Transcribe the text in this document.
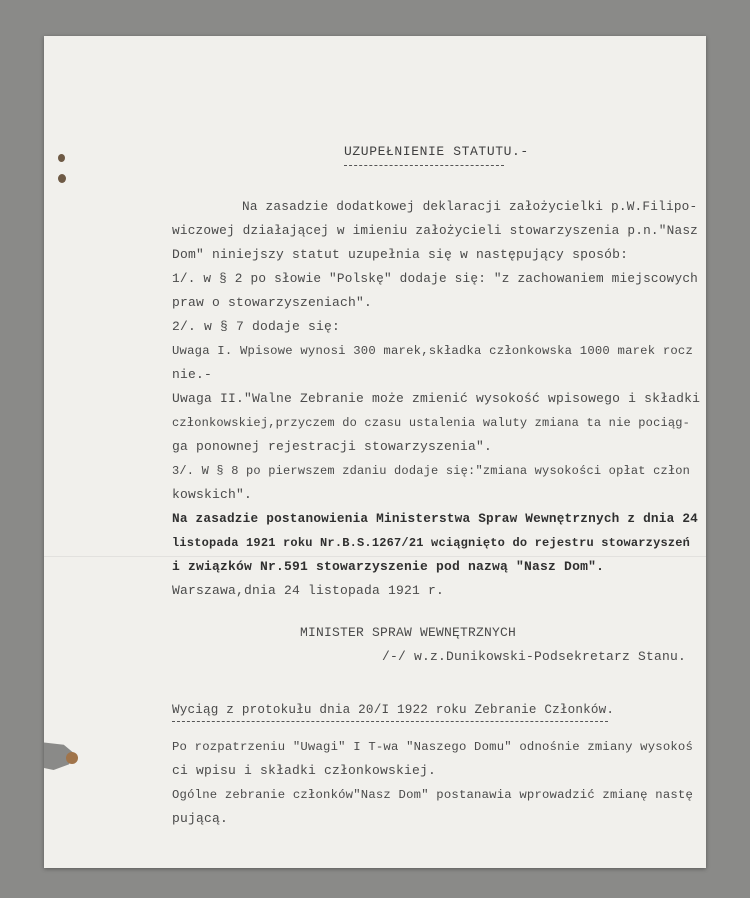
UZUPEŁNIENIE STATUTU.-
Na zasadzie dodatkowej deklaracji założycielki p.W.Filipo-
wiczowej działającej w imieniu założycieli stowarzyszenia p.n."Nasz
Dom" niniejszy statut uzupełnia się w następujący sposób:
1/. w § 2 po słowie "Polskę" dodaje się: "z zachowaniem miejscowych
praw o stowarzyszeniach".
2/. w § 7 dodaje się:
Uwaga I. Wpisowe wynosi 300 marek,składka członkowska 1000 marek rocz
nie.-
Uwaga II."Walne Zebranie może zmienić wysokość wpisowego i składki
członkowskiej,przyczem do czasu ustalenia waluty zmiana ta nie pociąg-
ga ponownej rejestracji stowarzyszenia".
3/. W § 8 po pierwszem zdaniu dodaje się:"zmiana wysokości opłat człon
kowskich".
Na zasadzie postanowienia Ministerstwa Spraw Wewnętrznych z dnia 24
listopada 1921 roku Nr.B.S.1267/21 wciągnięto do rejestru stowarzyszeń
i związków Nr.591 stowarzyszenie pod nazwą "Nasz Dom".
Warszawa,dnia 24 listopada 1921 r.
MINISTER SPRAW WEWNĘTRZNYCH
/-/ w.z.Dunikowski-Podsekretarz Stanu.
Wyciąg z protokułu dnia 20/I 1922 roku Zebranie Członków.
Po rozpatrzeniu "Uwagi" I T-wa "Naszego Domu" odnośnie zmiany wysokoś
ci wpisu i składki członkowskiej.
Ogólne zebranie członków"Nasz Dom" postanawia wprowadzić zmianę nastę
pującą.
